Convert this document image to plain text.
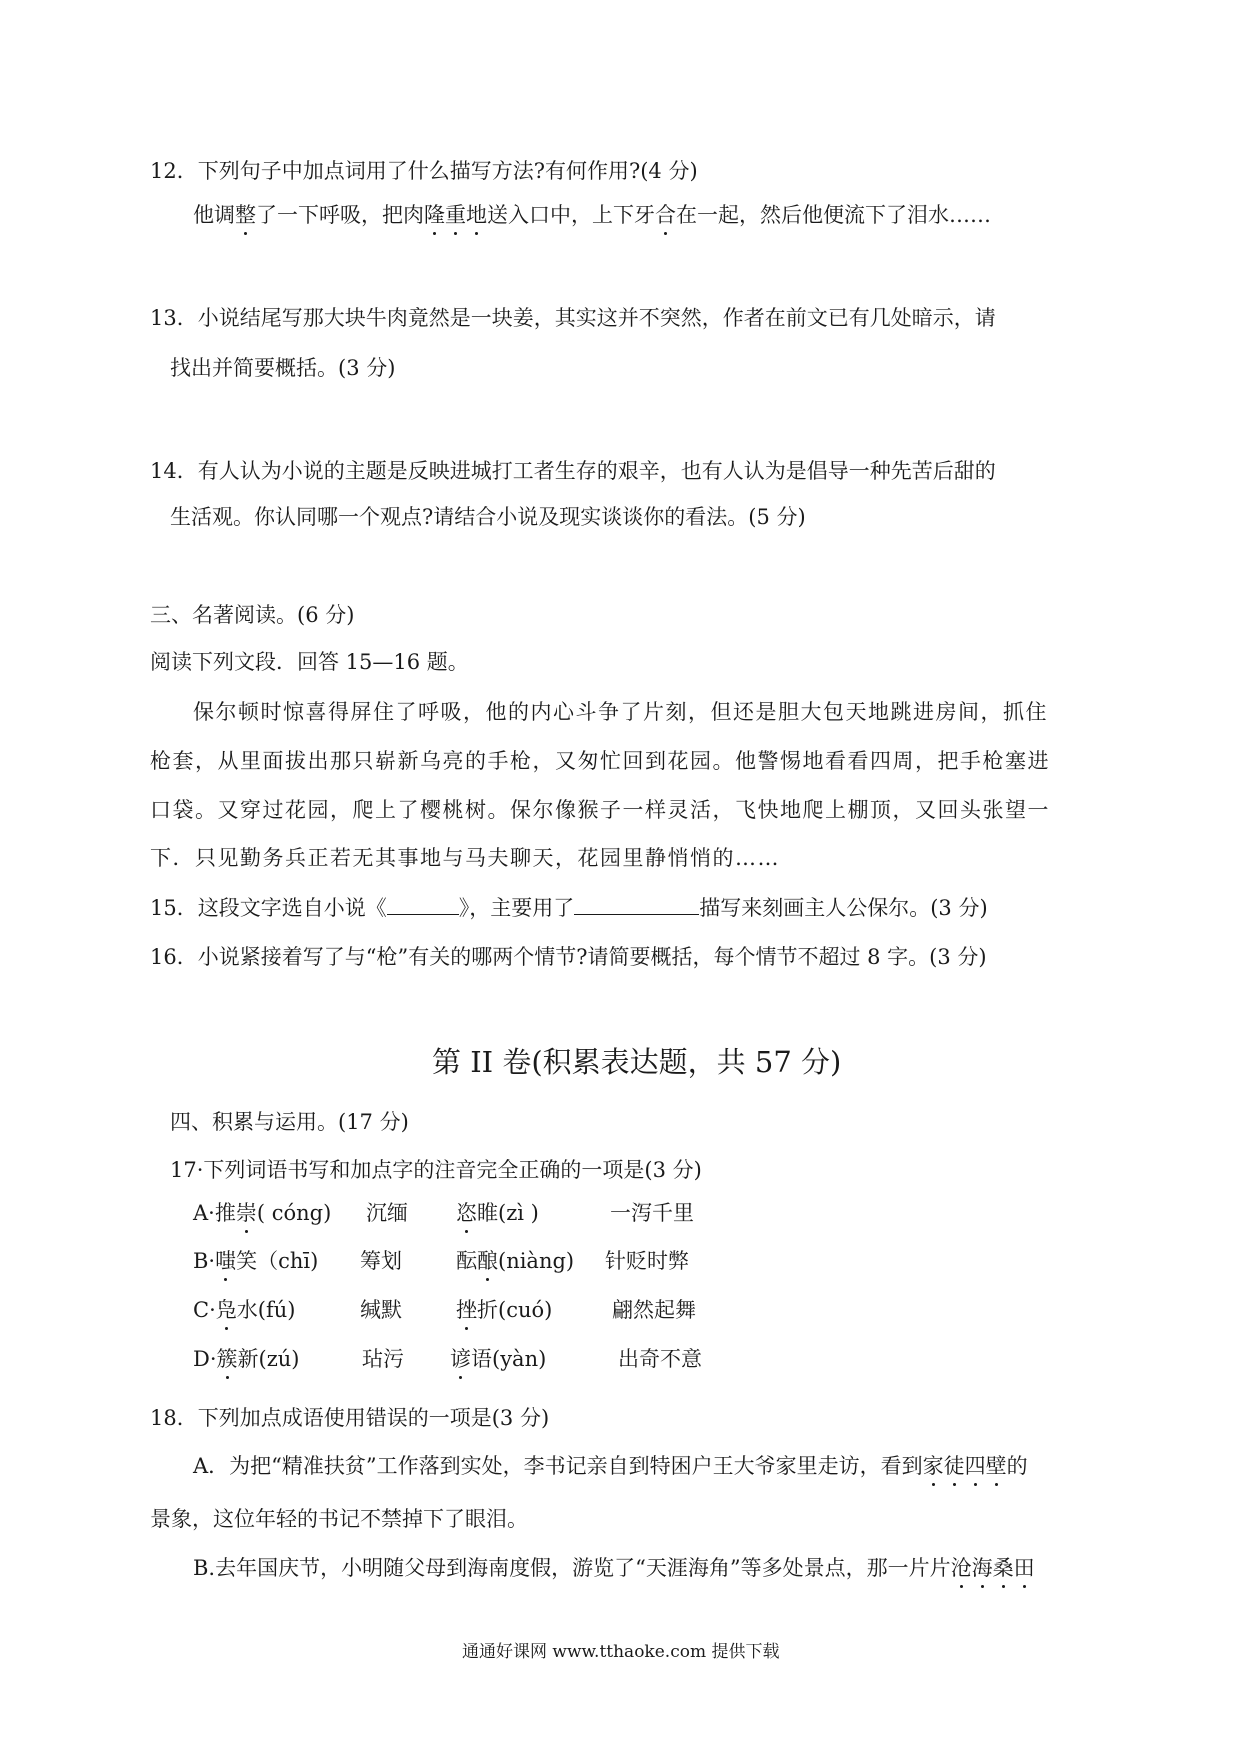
12．下列句子中加点词用了什么描写方法?有何作用?(4 分)
他调整了一下呼吸，把肉隆重地送入口中，上下牙合在一起，然后他便流下了泪水……
13．小说结尾写那大块牛肉竟然是一块姜，其实这并不突然，作者在前文已有几处暗示，请
找出并简要概括。(3 分)
14．有人认为小说的主题是反映进城打工者生存的艰辛，也有人认为是倡导一种先苦后甜的
生活观。你认同哪一个观点?请结合小说及现实谈谈你的看法。(5 分)
三、名著阅读。(6 分)
阅读下列文段．回答 15—16 题。
保尔顿时惊喜得屏住了呼吸，他的内心斗争了片刻，但还是胆大包天地跳进房间，抓住
枪套，从里面拔出那只崭新乌亮的手枪，又匆忙回到花园。他警惕地看看四周，把手枪塞进
口袋。又穿过花园，爬上了樱桃树。保尔像猴子一样灵活，飞快地爬上棚顶，又回头张望一
下．只见勤务兵正若无其事地与马夫聊天，花园里静悄悄的……
15．这段文字选自小说《	》，主要用了	描写来刻画主人公保尔。(3 分)
16．小说紧接着写了与“枪”有关的哪两个情节?请简要概括，每个情节不超过 8 字。(3 分)
第 II 卷(积累表达题，共 57 分)
四、积累与运用。(17 分)
17·下列词语书写和加点字的注音完全正确的一项是(3 分)
A·推崇( cóng) 沉缅 恣睢(zì )	一泻千里
B·嗤笑（chī) 筹划	酝酿(niàng) 针贬时弊
C·凫水(fú)	缄默	挫折(cuó)	翩然起舞
D·簇新(zú)	玷污 谚语(yàn)	出奇不意
18．下列加点成语使用错误的一项是(3 分)
A．为把“精准扶贫”工作落到实处，李书记亲自到特困户王大爷家里走访，看到家徒四壁的
景象，这位年轻的书记不禁掉下了眼泪。
B.去年国庆节，小明随父母到海南度假，游览了“天涯海角”等多处景点，那一片片沧海桑田
通通好课网 www.tthaoke.com 提供下载
